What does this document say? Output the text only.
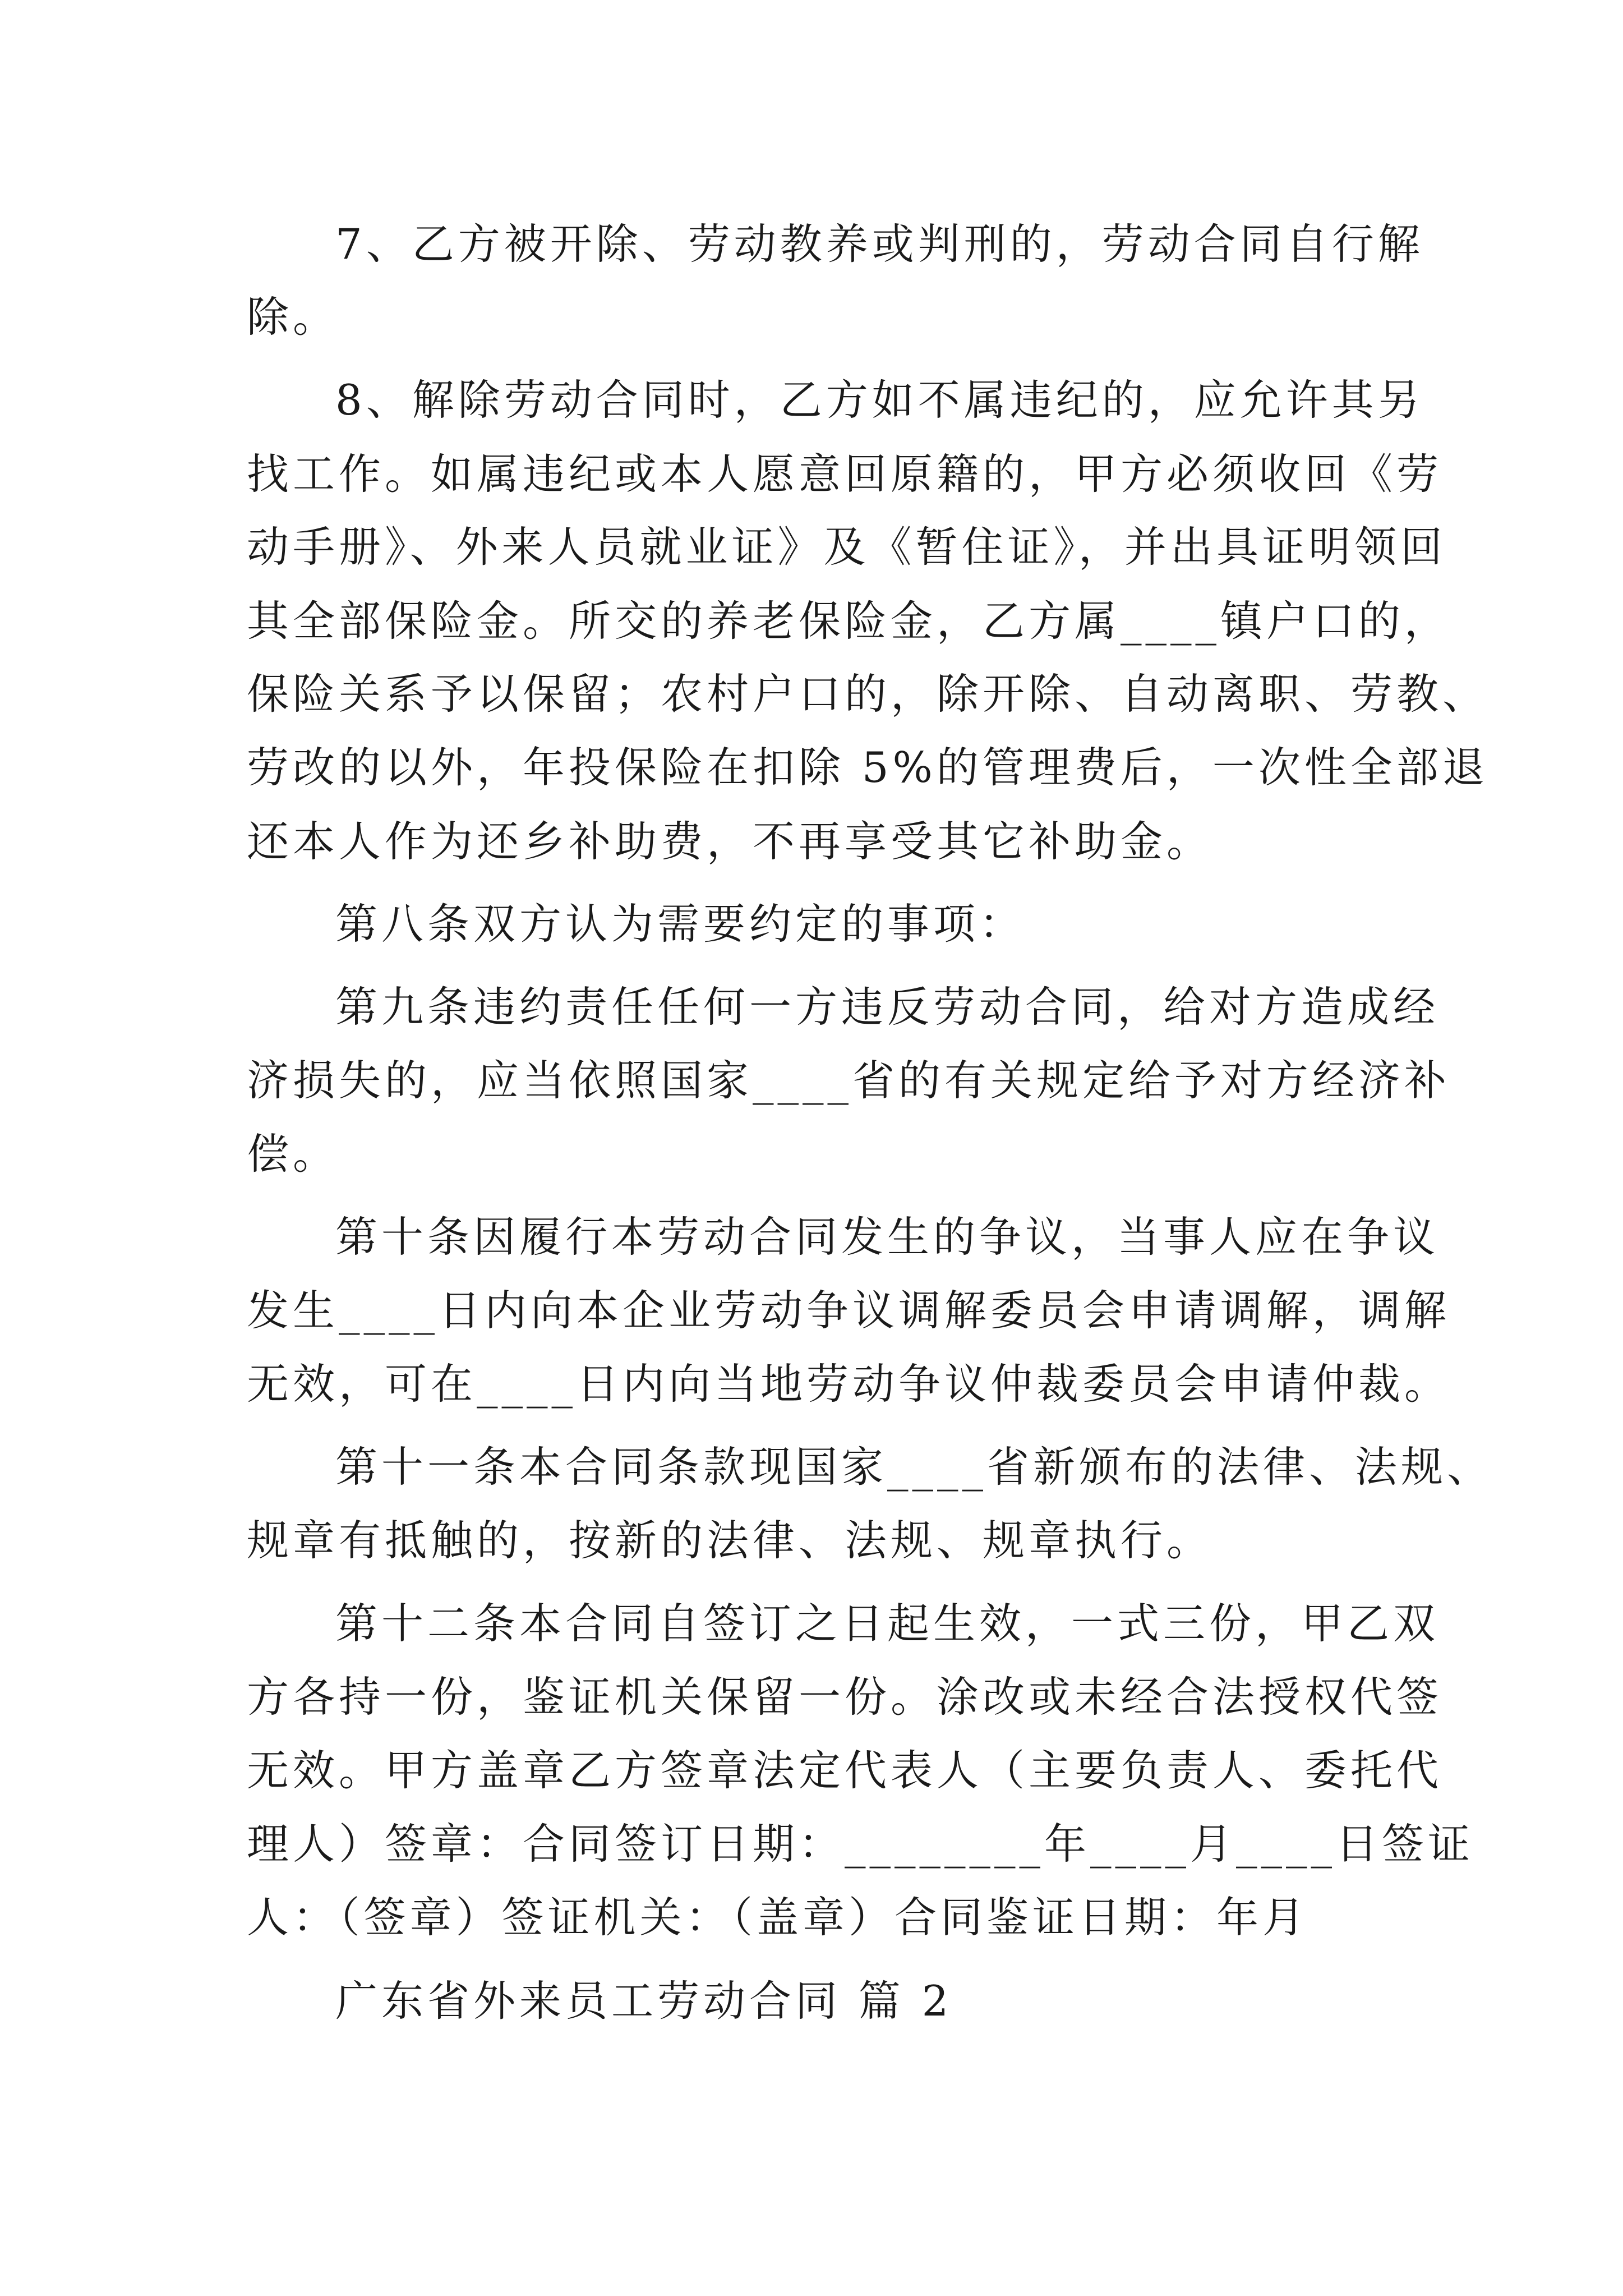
7、乙方被开除、劳动教养或判刑的，劳动合同自行解
除。
8、解除劳动合同时，乙方如不属违纪的，应允许其另
找工作。如属违纪或本人愿意回原籍的，甲方必须收回《劳
动手册》、外来人员就业证》及《暂住证》，并出具证明领回
其全部保险金。所交的养老保险金，乙方属____镇户口的，
保险关系予以保留；农村户口的，除开除、自动离职、劳教、
劳改的以外，年投保险在扣除 5%的管理费后，一次性全部退
还本人作为还乡补助费，不再享受其它补助金。
第八条双方认为需要约定的事项：
第九条违约责任任何一方违反劳动合同，给对方造成经
济损失的，应当依照国家____省的有关规定给予对方经济补
偿。
第十条因履行本劳动合同发生的争议，当事人应在争议
发生____日内向本企业劳动争议调解委员会申请调解，调解
无效，可在____日内向当地劳动争议仲裁委员会申请仲裁。
第十一条本合同条款现国家____省新颁布的法律、法规、
规章有抵触的，按新的法律、法规、规章执行。
第十二条本合同自签订之日起生效，一式三份，甲乙双
方各持一份，鉴证机关保留一份。涂改或未经合法授权代签
无效。甲方盖章乙方签章法定代表人（主要负责人、委托代
理人）签章：合同签订日期：________年____月____日签证
人：（签章）签证机关：（盖章）合同鉴证日期：年月
广东省外来员工劳动合同 篇 2
